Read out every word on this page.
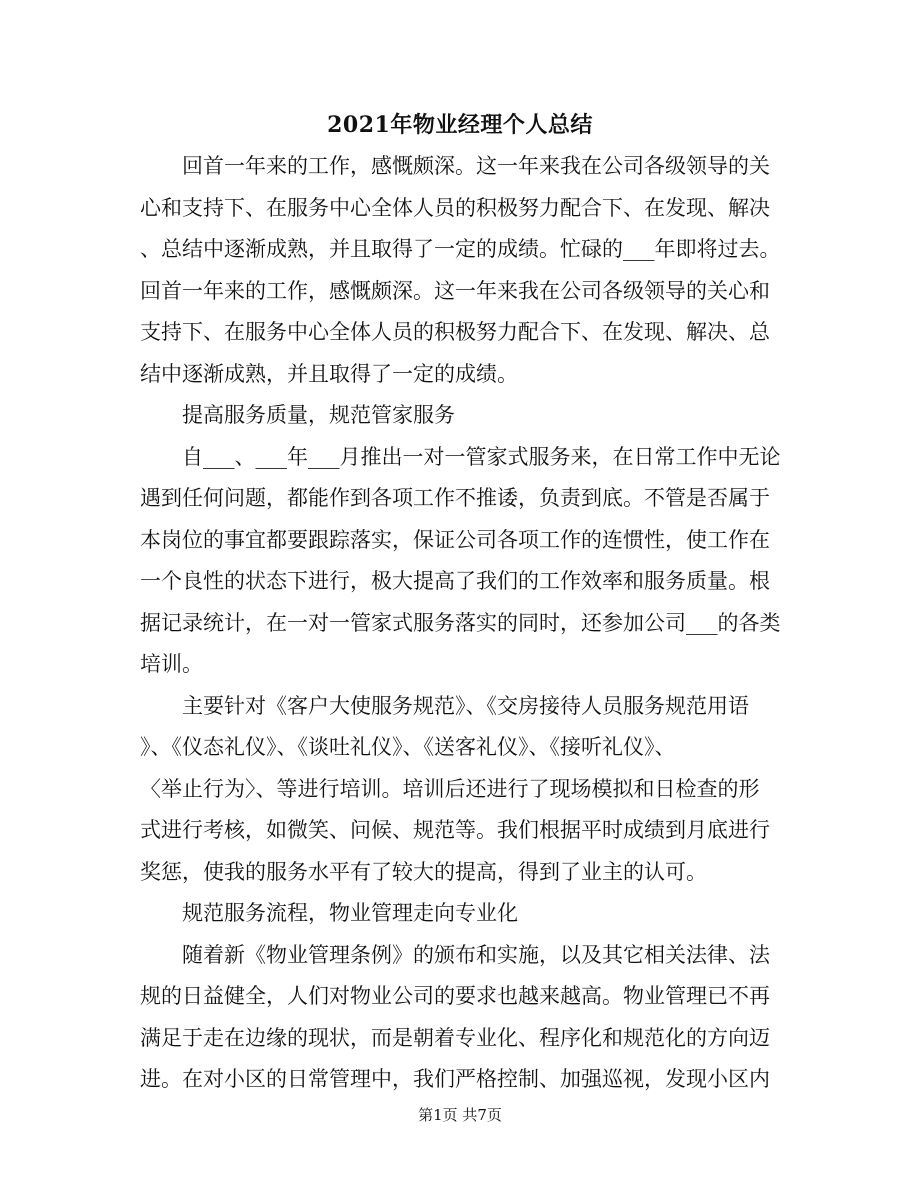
2021年物业经理个人总结
回首一年来的工作，感慨颇深。这一年来我在公司各级领导的关
心和支持下、在服务中心全体人员的积极努力配合下、在发现、解决
、总结中逐渐成熟，并且取得了一定的成绩。忙碌的___年即将过去。
回首一年来的工作，感慨颇深。这一年来我在公司各级领导的关心和
支持下、在服务中心全体人员的积极努力配合下、在发现、解决、总
结中逐渐成熟，并且取得了一定的成绩。
提高服务质量，规范管家服务
自___、___年___月推出一对一管家式服务来，在日常工作中无论
遇到任何问题，都能作到各项工作不推诿，负责到底。不管是否属于
本岗位的事宜都要跟踪落实，保证公司各项工作的连惯性，使工作在
一个良性的状态下进行，极大提高了我们的工作效率和服务质量。根
据记录统计，在一对一管家式服务落实的同时，还参加公司___的各类
培训。
主要针对《客户大使服务规范》、《交房接待人员服务规范用语
》、《仪态礼仪》、《谈吐礼仪》、《送客礼仪》、《接听礼仪》、
〈举止行为〉、等进行培训。培训后还进行了现场模拟和日检查的形
式进行考核，如微笑、问候、规范等。我们根据平时成绩到月底进行
奖惩，使我的服务水平有了较大的提高，得到了业主的认可。
规范服务流程，物业管理走向专业化
随着新《物业管理条例》的颁布和实施，以及其它相关法律、法
规的日益健全，人们对物业公司的要求也越来越高。物业管理已不再
满足于走在边缘的现状，而是朝着专业化、程序化和规范化的方向迈
进。在对小区的日常管理中，我们严格控制、加强巡视，发现小区内
第1页 共7页
